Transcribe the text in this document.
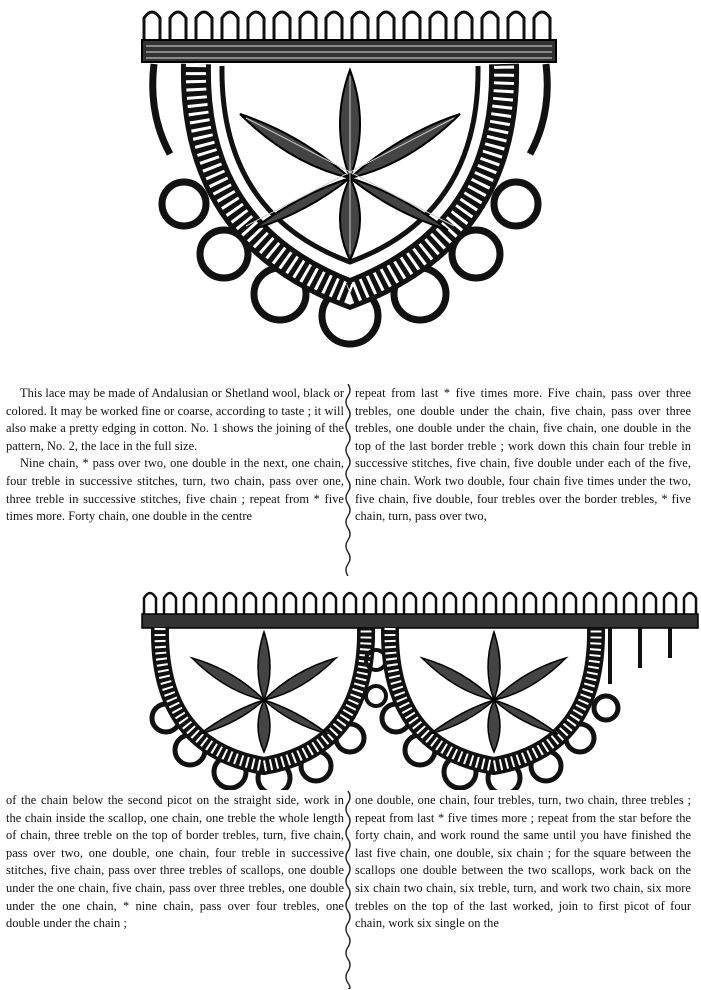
This lace may be made of Andalusian or Shetland wool, black or colored. It may be worked fine or coarse, according to taste ; it will also make a pretty edging in cotton. No. 1 shows the joining of the pattern, No. 2, the lace in the full size.

Nine chain, * pass over two, one double in the next, one chain, four treble in successive stitches, turn, two chain, pass over one, three treble in successive stitches, five chain ; repeat from * five times more. Forty chain, one double in the centre

repeat from last * five times more. Five chain, pass over three trebles, one double under the chain, five chain, pass over three trebles, one double under the chain, five chain, one double in the top of the last border treble ; work down this chain four treble in successive stitches, five chain, five double under each of the five, nine chain. Work two double, four chain five times under the two, five chain, five double, four trebles over the border trebles, * five chain, turn, pass over two,

of the chain below the second picot on the straight side, work in the chain inside the scallop, one chain, one treble the whole length of chain, three treble on the top of border trebles, turn, five chain, pass over two, one double, one chain, four treble in successive stitches, five chain, pass over three trebles of scallops, one double under the one chain, five chain, pass over three trebles, one double under the one chain, * nine chain, pass over four trebles, one double under the chain ;

one double, one chain, four trebles, turn, two chain, three trebles ; repeat from last * five times more ; repeat from the star before the forty chain, and work round the same until you have finished the last five chain, one double, six chain ; for the square between the scallops one double between the two scallops, work back on the six chain two chain, six treble, turn, and work two chain, six more trebles on the top of the last worked, join to first picot of four chain, work six single on the
